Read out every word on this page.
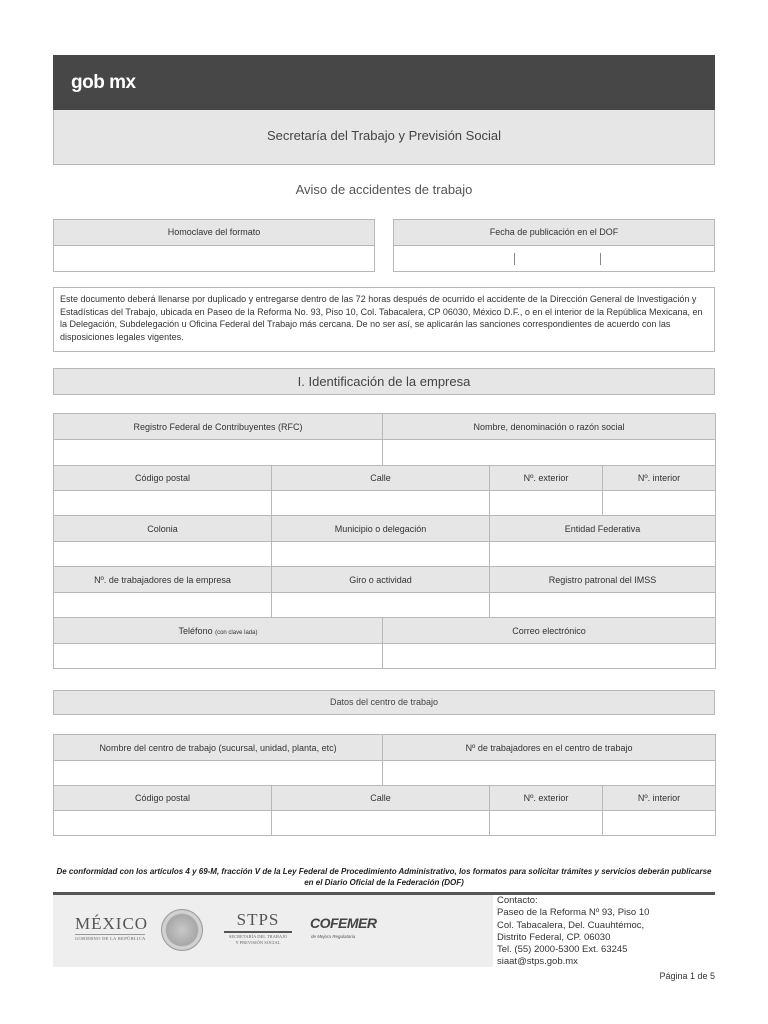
gob mx
Secretaría del Trabajo y Previsión Social
Aviso de accidentes de trabajo
Homoclave del formato	Fecha de publicación en el DOF
Este documento deberá llenarse por duplicado y entregarse dentro de las 72 horas después de ocurrido el accidente de la Dirección General de Investigación y Estadísticas del Trabajo, ubicada en Paseo de la Reforma No. 93, Piso 10, Col. Tabacalera, CP 06030, México D.F., o en el interior de la República Mexicana, en la Delegación, Subdelegación u Oficina Federal del Trabajo más cercana. De no ser así, se aplicarán las sanciones correspondientes de acuerdo con las disposiciones legales vigentes.
I. Identificación de la empresa
Registro Federal de Contribuyentes (RFC)		Nombre, denominación o razón social		

Código postal	Calle		Nº. exterior	Nº. interior

Colonia	Municipio o delegación		Entidad Federativa	

Nº. de trabajadores de la empresa	Giro o actividad		Registro patronal del IMSS	

Teléfono (con clave lada)		Correo electrónico		

Datos del centro de trabajo
Nombre del centro de trabajo (sucursal, unidad, planta, etc)		Nº de trabajadores en el centro de trabajo		

Código postal	Calle		Nº. exterior	Nº. interior

De conformidad con los artículos 4 y 69-M, fracción V de la Ley Federal de Procedimiento Administrativo, los formatos para solicitar trámites y servicios deberán publicarse en el Diario Oficial de la Federación (DOF)
MÉXICO
GOBIERNO DE LA REPÚBLICA
STPS
SECRETARÍA DEL TRABAJO
Y PREVISIÓN SOCIAL
COFEMER
de Mejora Regulatoria
Contacto:
Paseo de la Reforma Nº 93, Piso 10
Col. Tabacalera, Del. Cuauhtémoc,
Distrito Federal, CP. 06030
Tel. (55) 2000-5300 Ext. 63245
siaat@stps.gob.mx
Página 1 de 5
